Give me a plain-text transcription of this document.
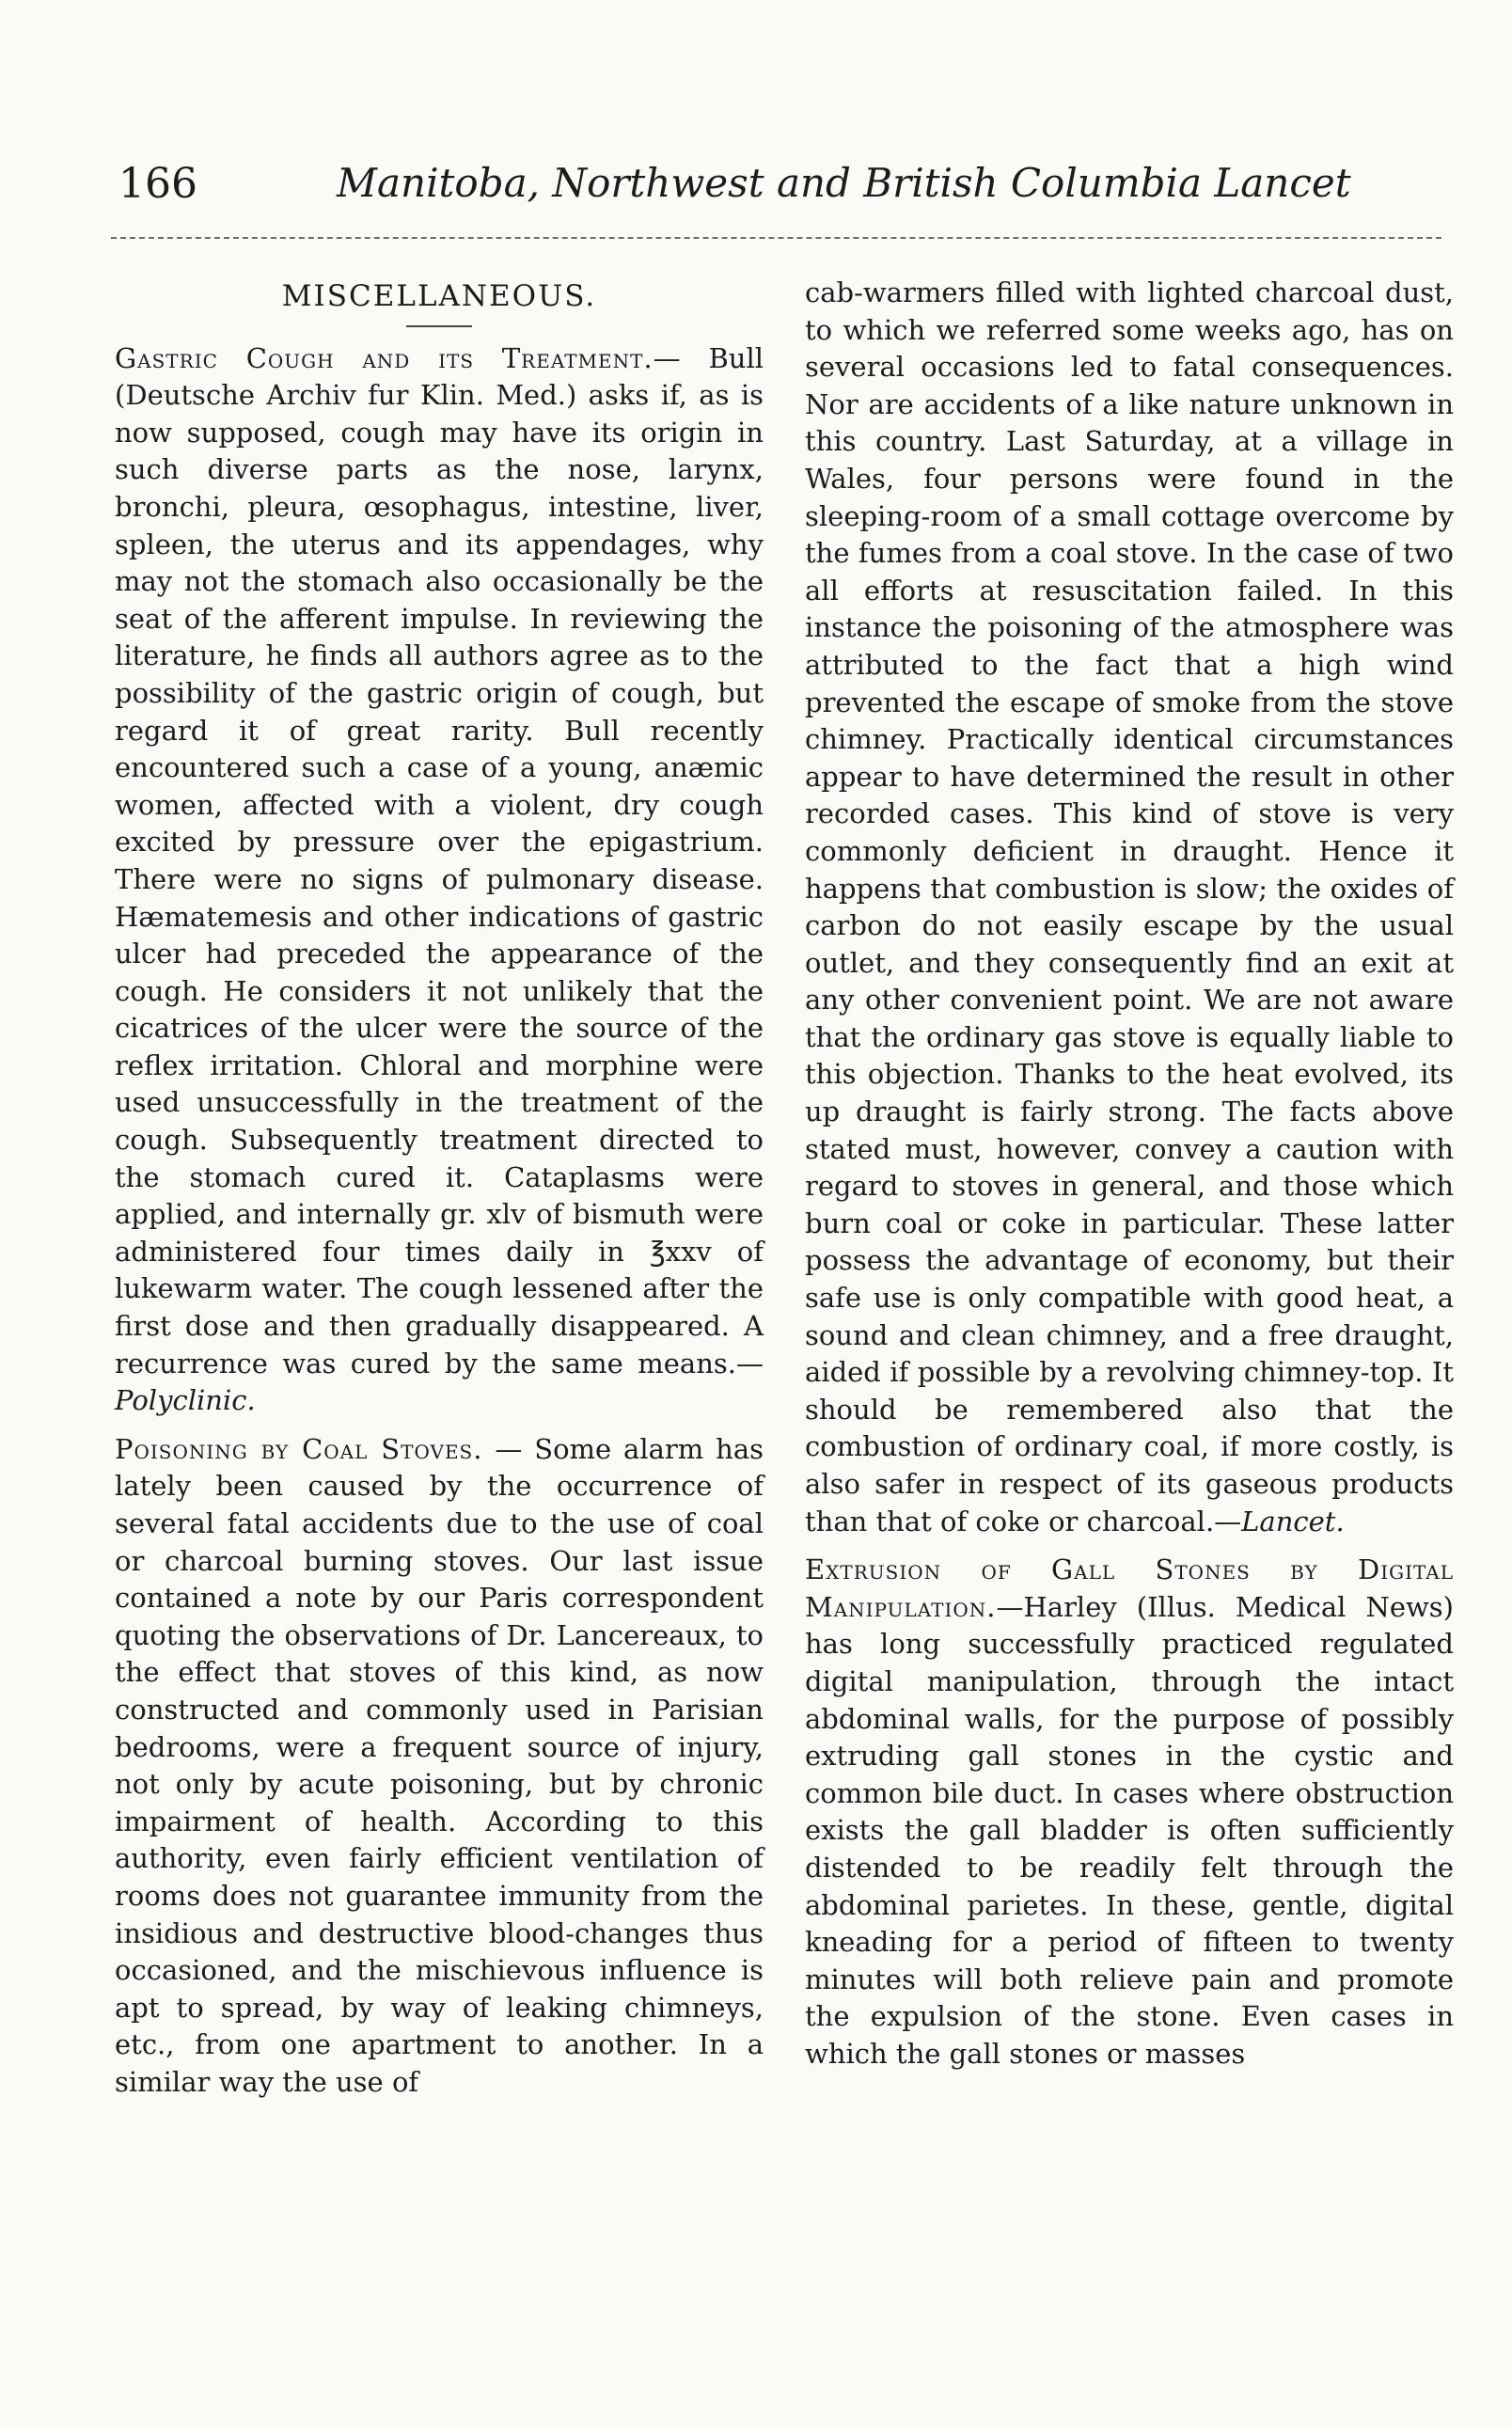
166	Manitoba, Northwest and British Columbia Lancet
MISCELLANEOUS.

Gastric Cough and its Treatment.— Bull (Deutsche Archiv fur Klin. Med.) asks if, as is now supposed, cough may have its origin in such diverse parts as the nose, larynx, bronchi, pleura, œsophagus, intestine, liver, spleen, the uterus and its appendages, why may not the stomach also occasionally be the seat of the afferent impulse. In reviewing the literature, he finds all authors agree as to the possibility of the gastric origin of cough, but regard it of great rarity. Bull recently encountered such a case of a young, anæmic women, affected with a violent, dry cough excited by pressure over the epigastrium. There were no signs of pulmonary disease. Hæmatemesis and other indications of gastric ulcer had preceded the appearance of the cough. He considers it not unlikely that the cicatrices of the ulcer were the source of the reflex irritation. Chloral and morphine were used unsuccessfully in the treatment of the cough. Subsequently treatment directed to the stomach cured it. Cataplasms were applied, and internally gr. xlv of bismuth were administered four times daily in ℥xxv of lukewarm water. The cough lessened after the first dose and then gradually disappeared. A recurrence was cured by the same means.—Polyclinic.

Poisoning by Coal Stoves. — Some alarm has lately been caused by the occurrence of several fatal accidents due to the use of coal or charcoal burning stoves. Our last issue contained a note by our Paris correspondent quoting the observations of Dr. Lancereaux, to the effect that stoves of this kind, as now constructed and commonly used in Parisian bedrooms, were a frequent source of injury, not only by acute poisoning, but by chronic impairment of health. According to this authority, even fairly efficient ventilation of rooms does not guarantee immunity from the insidious and destructive blood-changes thus occasioned, and the mischievous influence is apt to spread, by way of leaking chimneys, etc., from one apartment to another. In a similar way the use of

cab-warmers filled with lighted charcoal dust, to which we referred some weeks ago, has on several occasions led to fatal consequences. Nor are accidents of a like nature unknown in this country. Last Saturday, at a village in Wales, four persons were found in the sleeping-room of a small cottage overcome by the fumes from a coal stove. In the case of two all efforts at resuscitation failed. In this instance the poisoning of the atmosphere was attributed to the fact that a high wind prevented the escape of smoke from the stove chimney. Practically identical circumstances appear to have determined the result in other recorded cases. This kind of stove is very commonly deficient in draught. Hence it happens that combustion is slow; the oxides of carbon do not easily escape by the usual outlet, and they consequently find an exit at any other convenient point. We are not aware that the ordinary gas stove is equally liable to this objection. Thanks to the heat evolved, its up draught is fairly strong. The facts above stated must, however, convey a caution with regard to stoves in general, and those which burn coal or coke in particular. These latter possess the advantage of economy, but their safe use is only compatible with good heat, a sound and clean chimney, and a free draught, aided if possible by a revolving chimney-top. It should be remembered also that the combustion of ordinary coal, if more costly, is also safer in respect of its gaseous products than that of coke or charcoal.—Lancet.

Extrusion of Gall Stones by Digital Manipulation.—Harley (Illus. Medical News) has long successfully practiced regulated digital manipulation, through the intact abdominal walls, for the purpose of possibly extruding gall stones in the cystic and common bile duct. In cases where obstruction exists the gall bladder is often sufficiently distended to be readily felt through the abdominal parietes. In these, gentle, digital kneading for a period of fifteen to twenty minutes will both relieve pain and promote the expulsion of the stone. Even cases in which the gall stones or masses
